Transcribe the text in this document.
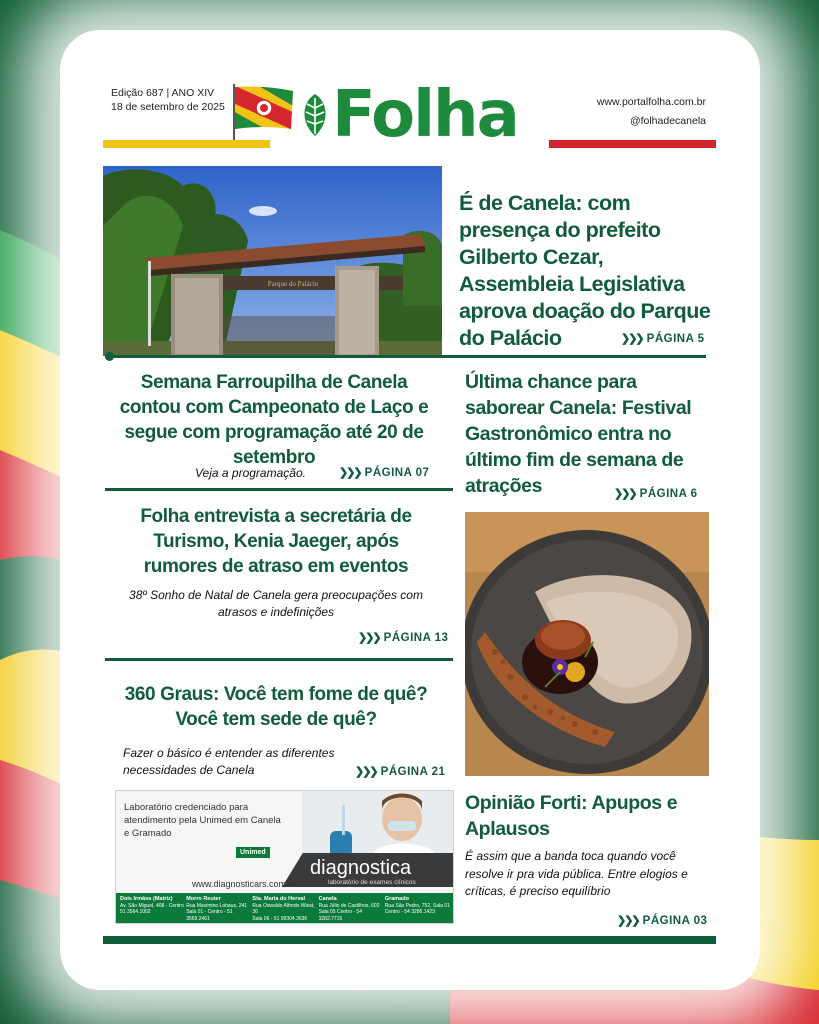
Edição 687 | ANO XIV
18 de setembro de 2025 Folha	www.portalfolha.com.br
@folhadecanela
Parque do Palácio
É de Canela: com presença do prefeito Gilberto Cezar, Assembleia Legislativa aprova doação do Parque do Palácio	❯❯❯ PÁGINA 5
Semana Farroupilha de Canela contou com Campeonato de Laço e segue com programação até 20 de setembro
Veja a programação.	❯❯❯ PÁGINA 07
Última chance para saborear Canela: Festival Gastronômico entra no último fim de semana de atrações	❯❯❯ PÁGINA 6
Folha entrevista a secretária de Turismo, Kenia Jaeger, após rumores de atraso em eventos
38º Sonho de Natal de Canela gera preocupações com atrasos e indefinições
❯❯❯ PÁGINA 13
360 Graus: Você tem fome de quê? Você tem sede de quê?
Fazer o básico é entender as diferentes necessidades de Canela	❯❯❯ PÁGINA 21
Laboratório credenciado para atendimento pela Unimed em Canela e Gramado
Unimed
diagnostica
laboratório de exames clínicos
www.diagnosticars.com.br
Dois Irmãos (Matriz)
Av. São Miguel, 408 - Centro
51 3564.1002
Morro Reuter
Rua Maximino Lohaus, 241
Sala 01 - Centro - 51 3569.2461
Sta. Maria do Herval
Rua Oswaldo Alfredo Wiest, 36
Sala 06 - 51 99304.3636
Canela
Rua Júlio de Castilhos, 602
Sala 05 Centro - 54 3282.7716
Gramado
Rua São Pedro, 752, Sala 01
Centro - 54 3286.1423
Opinião Forti: Apupos e Aplausos
É assim que a banda toca quando você resolve ir pra vida pública. Entre elogios e críticas, é preciso equilíbrio
❯❯❯ PÁGINA 03
